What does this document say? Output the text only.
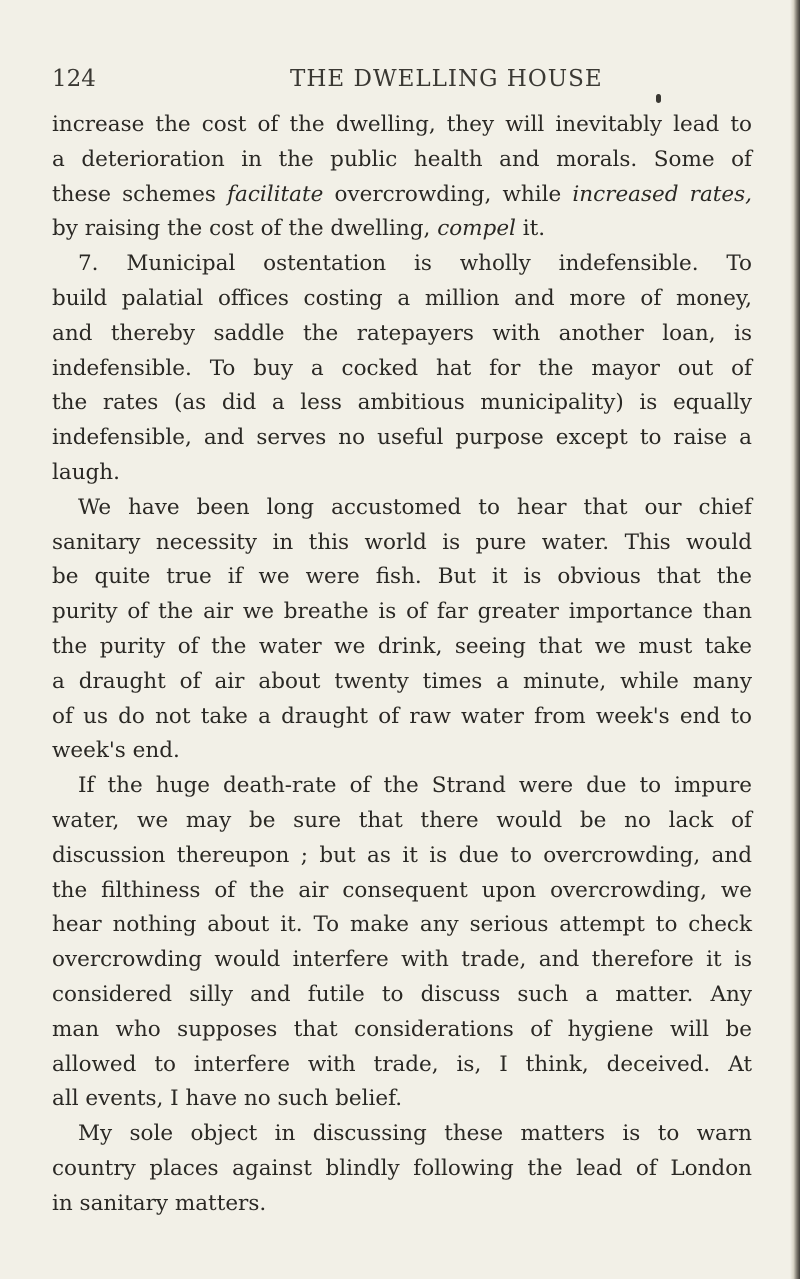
124	THE DWELLING HOUSE
increase the cost of the dwelling, they will inevitably lead to
a deterioration in the public health and morals. Some of
these schemes facilitate overcrowding, while increased rates,
by raising the cost of the dwelling, compel it.
7. Municipal ostentation is wholly indefensible. To
build palatial offices costing a million and more of money,
and thereby saddle the ratepayers with another loan, is
indefensible. To buy a cocked hat for the mayor out of
the rates (as did a less ambitious municipality) is equally
indefensible, and serves no useful purpose except to raise a
laugh.
We have been long accustomed to hear that our chief
sanitary necessity in this world is pure water. This would
be quite true if we were fish. But it is obvious that the
purity of the air we breathe is of far greater importance than
the purity of the water we drink, seeing that we must take
a draught of air about twenty times a minute, while many
of us do not take a draught of raw water from week's end to
week's end.
If the huge death-rate of the Strand were due to impure
water, we may be sure that there would be no lack of
discussion thereupon ; but as it is due to overcrowding, and
the filthiness of the air consequent upon overcrowding, we
hear nothing about it. To make any serious attempt to check
overcrowding would interfere with trade, and therefore it is
considered silly and futile to discuss such a matter. Any
man who supposes that considerations of hygiene will be
allowed to interfere with trade, is, I think, deceived. At
all events, I have no such belief.
My sole object in discussing these matters is to warn
country places against blindly following the lead of London
in sanitary matters.
